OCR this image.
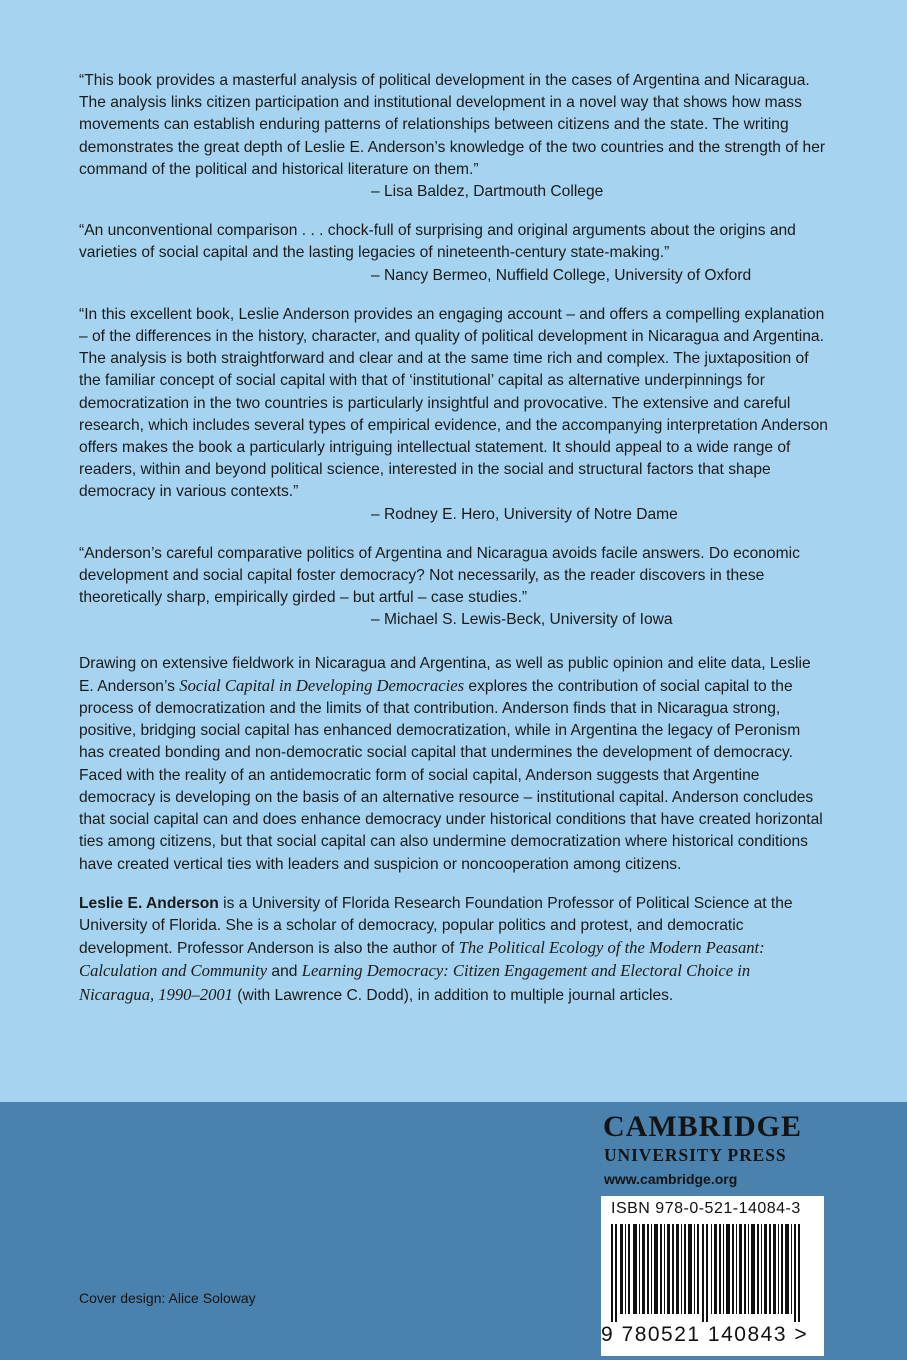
“This book provides a masterful analysis of political development in the cases of Argentina and Nicaragua. The analysis links citizen participation and institutional development in a novel way that shows how mass movements can establish enduring patterns of relationships between citizens and the state. The writing demonstrates the great depth of Leslie E. Anderson’s knowledge of the two countries and the strength of her command of the political and historical literature on them.”

– Lisa Baldez, Dartmouth College

“An unconventional comparison . . . chock-full of surprising and original arguments about the origins and varieties of social capital and the lasting legacies of nineteenth-century state-making.”

– Nancy Bermeo, Nuffield College, University of Oxford

“In this excellent book, Leslie Anderson provides an engaging account – and offers a compelling explanation – of the differences in the history, character, and quality of political development in Nicaragua and Argentina. The analysis is both straightforward and clear and at the same time rich and complex. The juxtaposition of the familiar concept of social capital with that of ‘institutional’ capital as alternative underpinnings for democratization in the two countries is particularly insightful and provocative. The extensive and careful research, which includes several types of empirical evidence, and the accompanying interpretation Anderson offers makes the book a particularly intriguing intellectual statement. It should appeal to a wide range of readers, within and beyond political science, interested in the social and structural factors that shape democracy in various contexts.”

– Rodney E. Hero, University of Notre Dame

“Anderson’s careful comparative politics of Argentina and Nicaragua avoids facile answers. Do economic development and social capital foster democracy? Not necessarily, as the reader discovers in these theoretically sharp, empirically girded – but artful – case studies.”

– Michael S. Lewis-Beck, University of Iowa

Drawing on extensive fieldwork in Nicaragua and Argentina, as well as public opinion and elite data, Leslie E. Anderson’s Social Capital in Developing Democracies explores the contribution of social capital to the process of democratization and the limits of that contribution. Anderson finds that in Nicaragua strong, positive, bridging social capital has enhanced democratization, while in Argentina the legacy of Peronism has created bonding and non-democratic social capital that undermines the development of democracy. Faced with the reality of an antidemocratic form of social capital, Anderson suggests that Argentine democracy is developing on the basis of an alternative resource – institutional capital. Anderson concludes that social capital can and does enhance democracy under historical conditions that have created horizontal ties among citizens, but that social capital can also undermine democratization where historical conditions have created vertical ties with leaders and suspicion or noncooperation among citizens.

Leslie E. Anderson is a University of Florida Research Foundation Professor of Political Science at the University of Florida. She is a scholar of democracy, popular politics and protest, and democratic development. Professor Anderson is also the author of The Political Ecology of the Modern Peasant: Calculation and Community and Learning Democracy: Citizen Engagement and Electoral Choice in Nicaragua, 1990–2001 (with Lawrence C. Dodd), in addition to multiple journal articles.

CAMBRIDGE
UNIVERSITY PRESS
www.cambridge.org
ISBN 978-0-521-14084-3
9 780521 140843 >
Cover design: Alice Soloway
